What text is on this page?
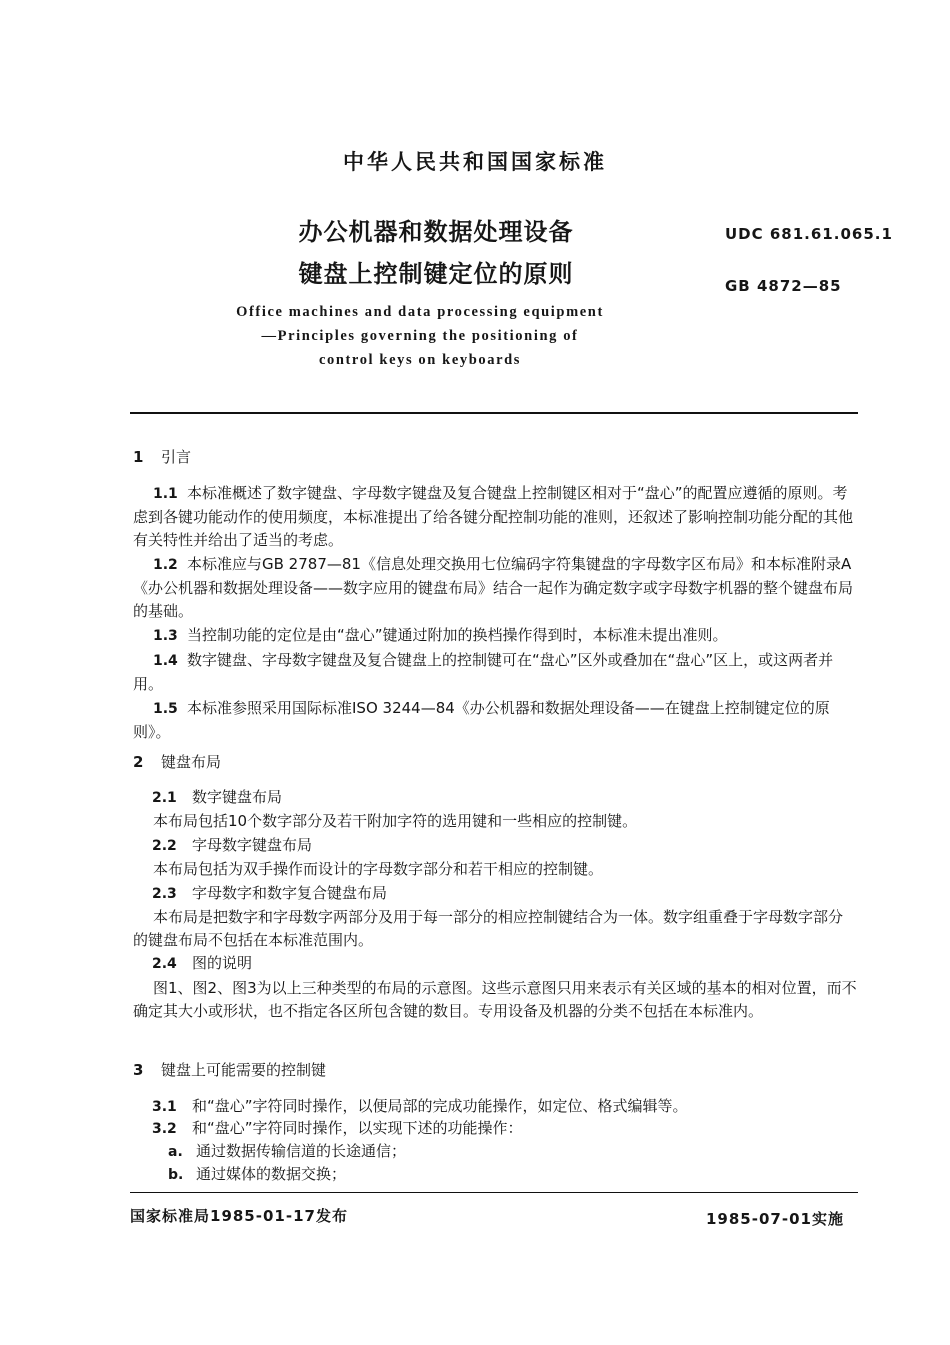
中华人民共和国国家标准
办公机器和数据处理设备
键盘上控制键定位的原则
UDC 681.61.065.1
GB 4872—85
Office machines and data processing equipment
—Principles governing the positioning of
control keys on keyboards
1 引言

1.1 本标准概述了数字键盘、字母数字键盘及复合键盘上控制键区相对于“盘心”的配置应遵循的原则。考虑到各键功能动作的使用频度，本标准提出了给各键分配控制功能的准则，还叙述了影响控制功能分配的其他有关特性并给出了适当的考虑。

1.2 本标准应与GB 2787—81《信息处理交换用七位编码字符集键盘的字母数字区布局》和本标准附录A《办公机器和数据处理设备——数字应用的键盘布局》结合一起作为确定数字或字母数字机器的整个键盘布局的基础。

1.3 当控制功能的定位是由“盘心”键通过附加的换档操作得到时，本标准未提出准则。

1.4 数字键盘、字母数字键盘及复合键盘上的控制键可在“盘心”区外或叠加在“盘心”区上，或这两者并用。

1.5 本标准参照采用国际标准ISO 3244—84《办公机器和数据处理设备——在键盘上控制键定位的原则》。

2 键盘布局
2.1 数字键盘布局

本布局包括10个数字部分及若干附加字符的选用键和一些相应的控制键。

2.2 字母数字键盘布局

本布局包括为双手操作而设计的字母数字部分和若干相应的控制键。

2.3 字母数字和数字复合键盘布局

本布局是把数字和字母数字两部分及用于每一部分的相应控制键结合为一体。数字组重叠于字母数字部分的键盘布局不包括在本标准范围内。

2.4 图的说明

图1、图2、图3为以上三种类型的布局的示意图。这些示意图只用来表示有关区域的基本的相对位置，而不确定其大小或形状，也不指定各区所包含键的数目。专用设备及机器的分类不包括在本标准内。

3 键盘上可能需要的控制键
3.1 和“盘心”字符同时操作，以便局部的完成功能操作，如定位、格式编辑等。
3.2 和“盘心”字符同时操作，以实现下述的功能操作：
a. 通过数据传输信道的长途通信；
b. 通过媒体的数据交换；
国家标准局1985-01-17发布	1985-07-01实施
